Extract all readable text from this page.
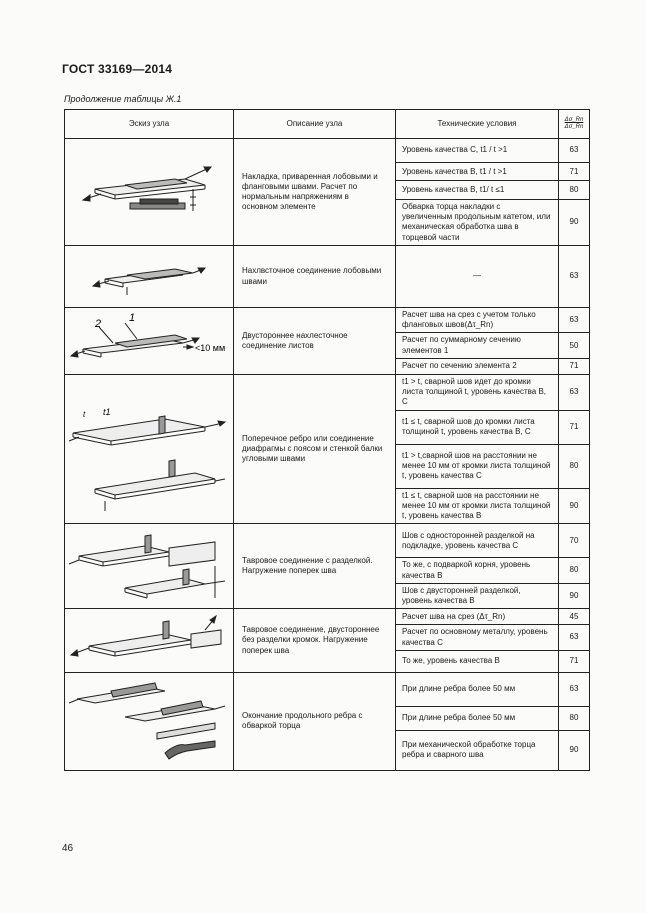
ГОСТ 33169—2014
Продолжение таблицы Ж.1
Эскиз узла	Описание узла	Технические условия	$\frac{\Delta\sigma\_Rn}{\Delta\sigma\_Rn}$

	Накладка, приваренная лобовыми и фланговыми швами. Расчет по нормальным напряжениям в основном элементе	Уровень качества С, t1 / t >1	63
		Уровень качества В, t1 / t >1	71
		Уровень качества В, t1/ t ≤1	80
		Обварка торца накладки с увеличенным продольным катетом, или механическая обработка шва в торцевой части	90

	Нахлвсточное соединение лобовыми швами	—	63

2 1
<10 мм	Двустороннее нахлесточное соединение листов	Расчет шва на срез с учетом только фланговых швов(Δτ_Rn)	63
		Расчет по суммарному сечению элементов 1	50
		Расчет по сечению элемента 2	71

t t1	Поперечное ребро или соединение диафрагмы с поясом и стенкой балки угловыми швами	t1 > t, сварной шов идет до кромки листа толщиной t, уровень качества B, C	63
		t1 ≤ t, сварной шов до кромки листа толщиной t, уровень качества B, C	71
		t1 > t,сварной шов на расстоянии не менее 10 мм от кромки листа толщиной t, уровень качества C	80
		t1 ≤ t, сварной шов на расстоянии не менее 10 мм от кромки листа толщиной t, уровень качества B	90

	Тавровое соединение с разделкой. Нагружение поперек шва	Шов с односторонней разделкой на подкладке, уровень качества C	70
		То же, с подваркой корня, уровень качества B	80
		Шов с двусторонней разделкой, уровень качества B	90

	Тавровое соединение, двустороннее без разделки кромок. Нагружение поперек шва	Расчет шва на срез (Δτ_Rn)	45
		Расчет по основному металлу, уровень качества C	63
		То же, уровень качества B	71

	Окончание продольного ребра с обваркой торца	При длине ребра более 50 мм	63
		При длине ребра более 50 мм	80
		При механической обработке торца ребра и сварного шва	90
46
